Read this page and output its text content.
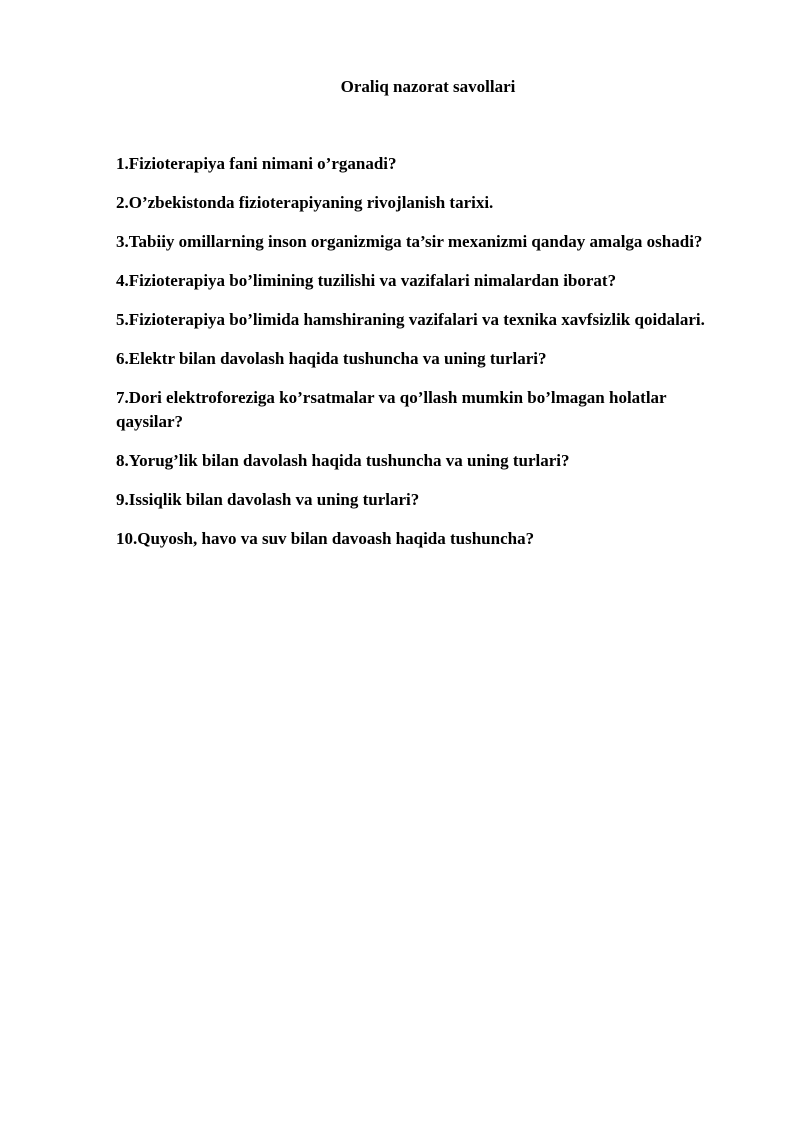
Oraliq nazorat savollari
1.Fizioterapiya fani nimani o’rganadi?
2.O’zbekistonda fizioterapiyaning rivojlanish tarixi.
3.Tabiiy omillarning inson organizmiga ta’sir mexanizmi qanday amalga oshadi?
4.Fizioterapiya bo’limining tuzilishi va vazifalari nimalardan iborat?
5.Fizioterapiya bo’limida hamshiraning vazifalari va texnika xavfsizlik qoidalari.
6.Elektr bilan davolash haqida tushuncha va uning turlari?
7.Dori elektroforeziga ko’rsatmalar va qo’llash mumkin bo’lmagan holatlar qaysilar?
8.Yorug’lik bilan davolash haqida tushuncha va uning turlari?
9.Issiqlik bilan davolash va uning turlari?
10.Quyosh, havo va suv bilan davoash haqida tushuncha?
